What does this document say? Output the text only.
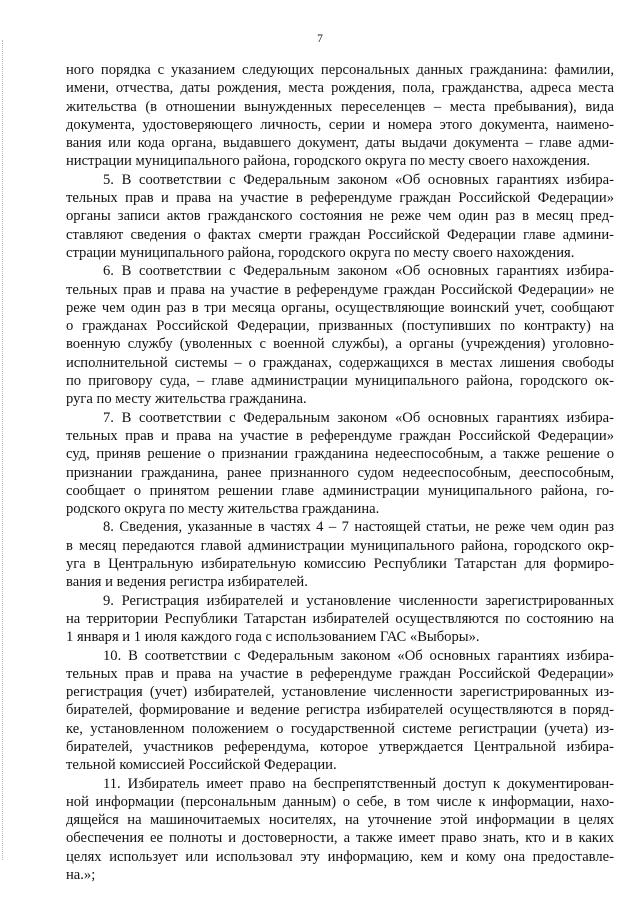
7
ного порядка с указанием следующих персональных данных гражданина: фамилии,
имени, отчества, даты рождения, места рождения, пола, гражданства, адреса места
жительства (в отношении вынужденных переселенцев – места пребывания), вида
документа, удостоверяющего личность, серии и номера этого документа, наимено-
вания или кода органа, выдавшего документ, даты выдачи документа – главе адми-
нистрации муниципального района, городского округа по месту своего нахождения.
5. В соответствии с Федеральным законом «Об основных гарантиях избира-
тельных прав и права на участие в референдуме граждан Российской Федерации»
органы записи актов гражданского состояния не реже чем один раз в месяц пред-
ставляют сведения о фактах смерти граждан Российской Федерации главе админи-
страции муниципального района, городского округа по месту своего нахождения.
6. В соответствии с Федеральным законом «Об основных гарантиях избира-
тельных прав и права на участие в референдуме граждан Российской Федерации» не
реже чем один раз в три месяца органы, осуществляющие воинский учет, сообщают
о гражданах Российской Федерации, призванных (поступивших по контракту) на
военную службу (уволенных с военной службы), а органы (учреждения) уголовно-
исполнительной системы – о гражданах, содержащихся в местах лишения свободы
по приговору суда, – главе администрации муниципального района, городского ок-
руга по месту жительства гражданина.
7. В соответствии с Федеральным законом «Об основных гарантиях избира-
тельных прав и права на участие в референдуме граждан Российской Федерации»
суд, приняв решение о признании гражданина недееспособным, а также решение о
признании гражданина, ранее признанного судом недееспособным, дееспособным,
сообщает о принятом решении главе администрации муниципального района, го-
родского округа по месту жительства гражданина.
8. Сведения, указанные в частях 4 – 7 настоящей статьи, не реже чем один раз
в месяц передаются главой администрации муниципального района, городского окр-
уга в Центральную избирательную комиссию Республики Татарстан для формиро-
вания и ведения регистра избирателей.
9. Регистрация избирателей и установление численности зарегистрированных
на территории Республики Татарстан избирателей осуществляются по состоянию на
1 января и 1 июля каждого года с использованием ГАС «Выборы».
10. В соответствии с Федеральным законом «Об основных гарантиях избира-
тельных прав и права на участие в референдуме граждан Российской Федерации»
регистрация (учет) избирателей, установление численности зарегистрированных из-
бирателей, формирование и ведение регистра избирателей осуществляются в поряд-
ке, установленном положением о государственной системе регистрации (учета) из-
бирателей, участников референдума, которое утверждается Центральной избира-
тельной комиссией Российской Федерации.
11. Избиратель имеет право на беспрепятственный доступ к документирован-
ной информации (персональным данным) о себе, в том числе к информации, нахо-
дящейся на машиночитаемых носителях, на уточнение этой информации в целях
обеспечения ее полноты и достоверности, а также имеет право знать, кто и в каких
целях использует или использовал эту информацию, кем и кому она предоставле-
на.»;
